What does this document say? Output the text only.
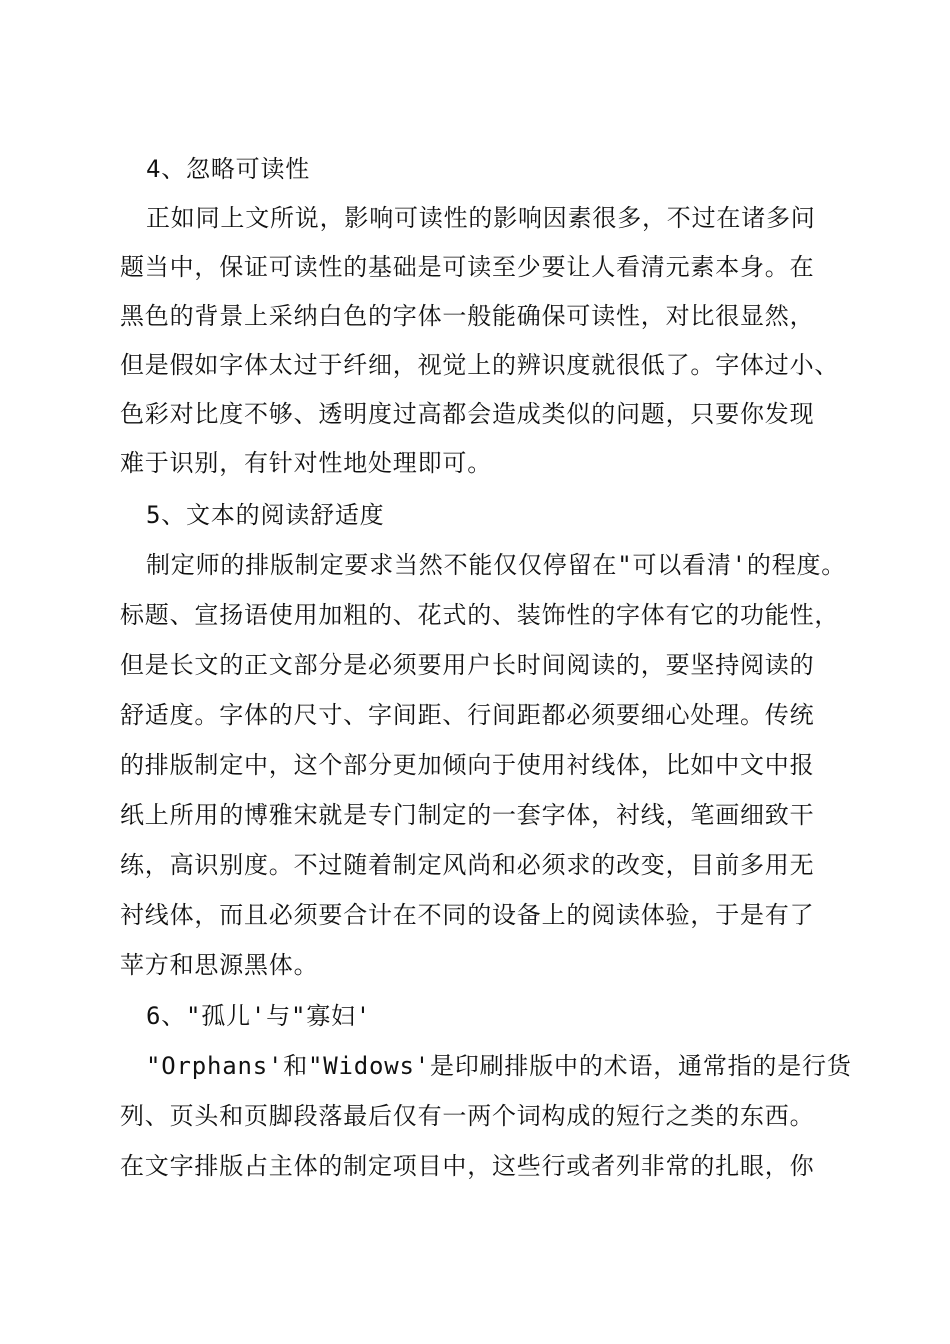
4、忽略可读性
正如同上文所说，影响可读性的影响因素很多，不过在诸多问
题当中，保证可读性的基础是可读至少要让人看清元素本身。在
黑色的背景上采纳白色的字体一般能确保可读性，对比很显然，
但是假如字体太过于纤细，视觉上的辨识度就很低了。字体过小、
色彩对比度不够、透明度过高都会造成类似的问题，只要你发现
难于识别，有针对性地处理即可。
5、文本的阅读舒适度
制定师的排版制定要求当然不能仅仅停留在"可以看清'的程度。
标题、宣扬语使用加粗的、花式的、装饰性的字体有它的功能性，
但是长文的正文部分是必须要用户长时间阅读的，要坚持阅读的
舒适度。字体的尺寸、字间距、行间距都必须要细心处理。传统
的排版制定中，这个部分更加倾向于使用衬线体，比如中文中报
纸上所用的博雅宋就是专门制定的一套字体，衬线，笔画细致干
练，高识别度。不过随着制定风尚和必须求的改变，目前多用无
衬线体，而且必须要合计在不同的设备上的阅读体验，于是有了
苹方和思源黑体。
6、"孤儿'与"寡妇'
"Orphans'和"Widows'是印刷排版中的术语，通常指的是行货
列、页头和页脚段落最后仅有一两个词构成的短行之类的东西。
在文字排版占主体的制定项目中，这些行或者列非常的扎眼，你
